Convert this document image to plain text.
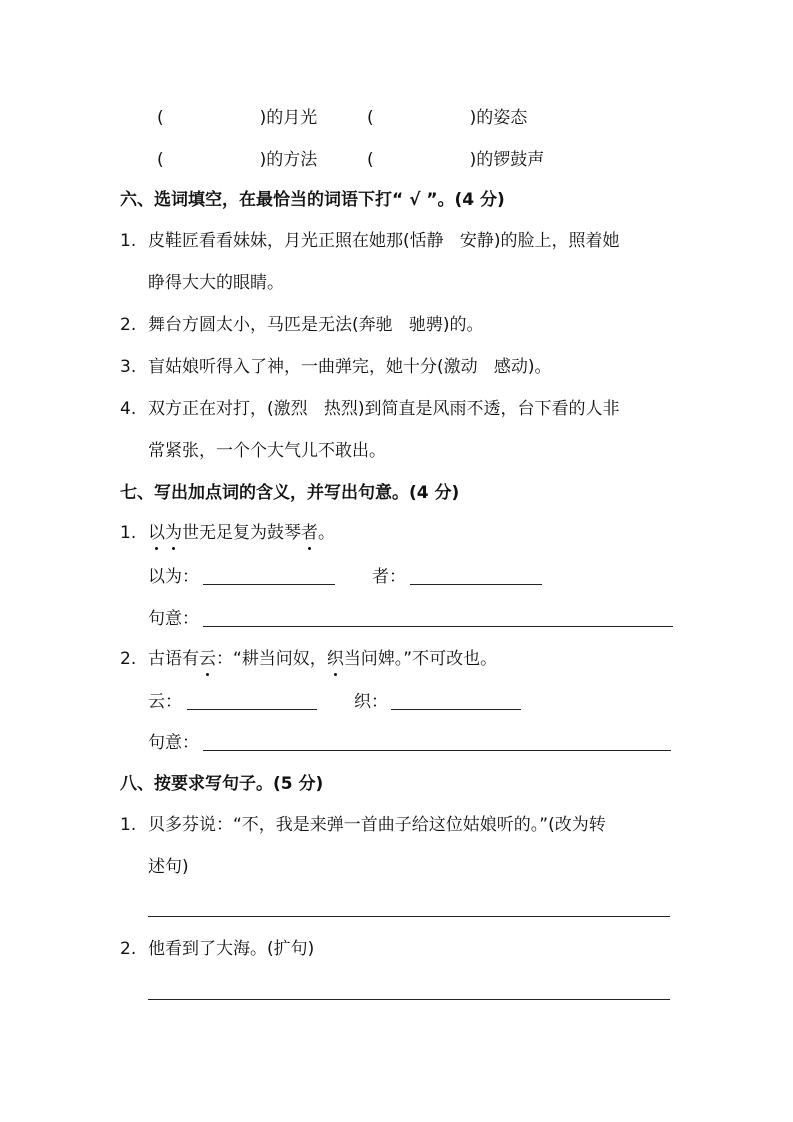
(	)的月光	(	)的姿态
(	)的方法	(	)的锣鼓声
六、选词填空，在最恰当的词语下打“ √ ”。(4 分)
1. 皮鞋匠看看妹妹，月光正照在她那(恬静 安静)的脸上，照着她
睁得大大的眼睛。
2. 舞台方圆太小，马匹是无法(奔驰 驰骋)的。
3. 盲姑娘听得入了神，一曲弹完，她十分(激动 感动)。
4. 双方正在对打，(激烈 热烈)到简直是风雨不透，台下看的人非
常紧张，一个个大气儿不敢出。
七、写出加点词的含义，并写出句意。(4 分)
1. 以为世无足复为鼓琴者。
以为：	者：
句意：
2. 古语有云：“耕当问奴，织当问婢。”不可改也。
云：	织：
句意：
八、按要求写句子。(5 分)
1. 贝多芬说：“不，我是来弹一首曲子给这位姑娘听的。”(改为转
述句)
2. 他看到了大海。(扩句)
